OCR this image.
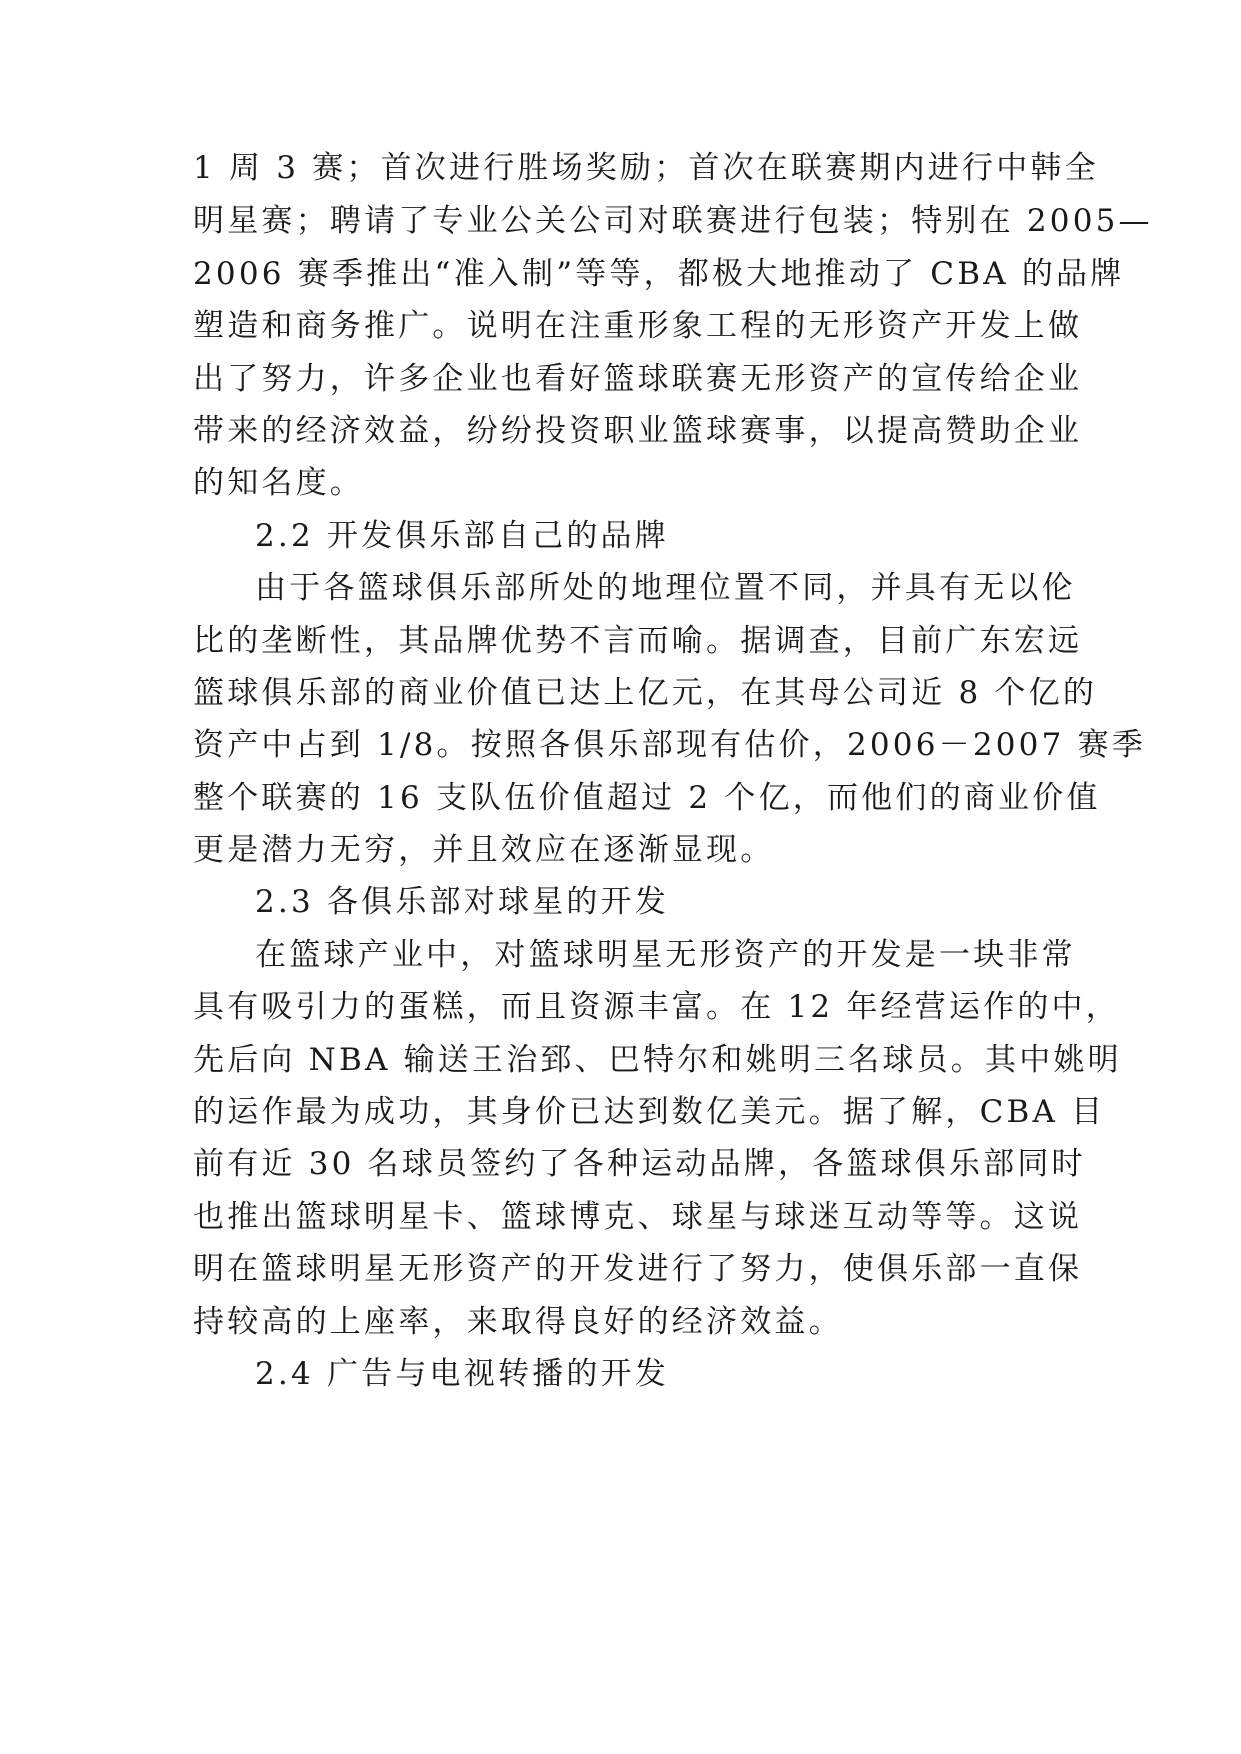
1 周 3 赛；首次进行胜场奖励；首次在联赛期内进行中韩全

明星赛；聘请了专业公关公司对联赛进行包装；特别在 2005—

2006 赛季推出“准入制”等等，都极大地推动了 CBA 的品牌

塑造和商务推广。说明在注重形象工程的无形资产开发上做

出了努力，许多企业也看好篮球联赛无形资产的宣传给企业

带来的经济效益，纷纷投资职业篮球赛事，以提高赞助企业

的知名度。

2.2 开发俱乐部自己的品牌

由于各篮球俱乐部所处的地理位置不同，并具有无以伦

比的垄断性，其品牌优势不言而喻。据调查，目前广东宏远

篮球俱乐部的商业价值已达上亿元，在其母公司近 8 个亿的

资产中占到 1/8。按照各俱乐部现有估价，2006－2007 赛季

整个联赛的 16 支队伍价值超过 2 个亿，而他们的商业价值

更是潜力无穷，并且效应在逐渐显现。

2.3 各俱乐部对球星的开发

在篮球产业中，对篮球明星无形资产的开发是一块非常

具有吸引力的蛋糕，而且资源丰富。在 12 年经营运作的中，

先后向 NBA 输送王治郅、巴特尔和姚明三名球员。其中姚明

的运作最为成功，其身价已达到数亿美元。据了解，CBA 目

前有近 30 名球员签约了各种运动品牌，各篮球俱乐部同时

也推出篮球明星卡、篮球博克、球星与球迷互动等等。这说

明在篮球明星无形资产的开发进行了努力，使俱乐部一直保

持较高的上座率，来取得良好的经济效益。

2.4 广告与电视转播的开发
